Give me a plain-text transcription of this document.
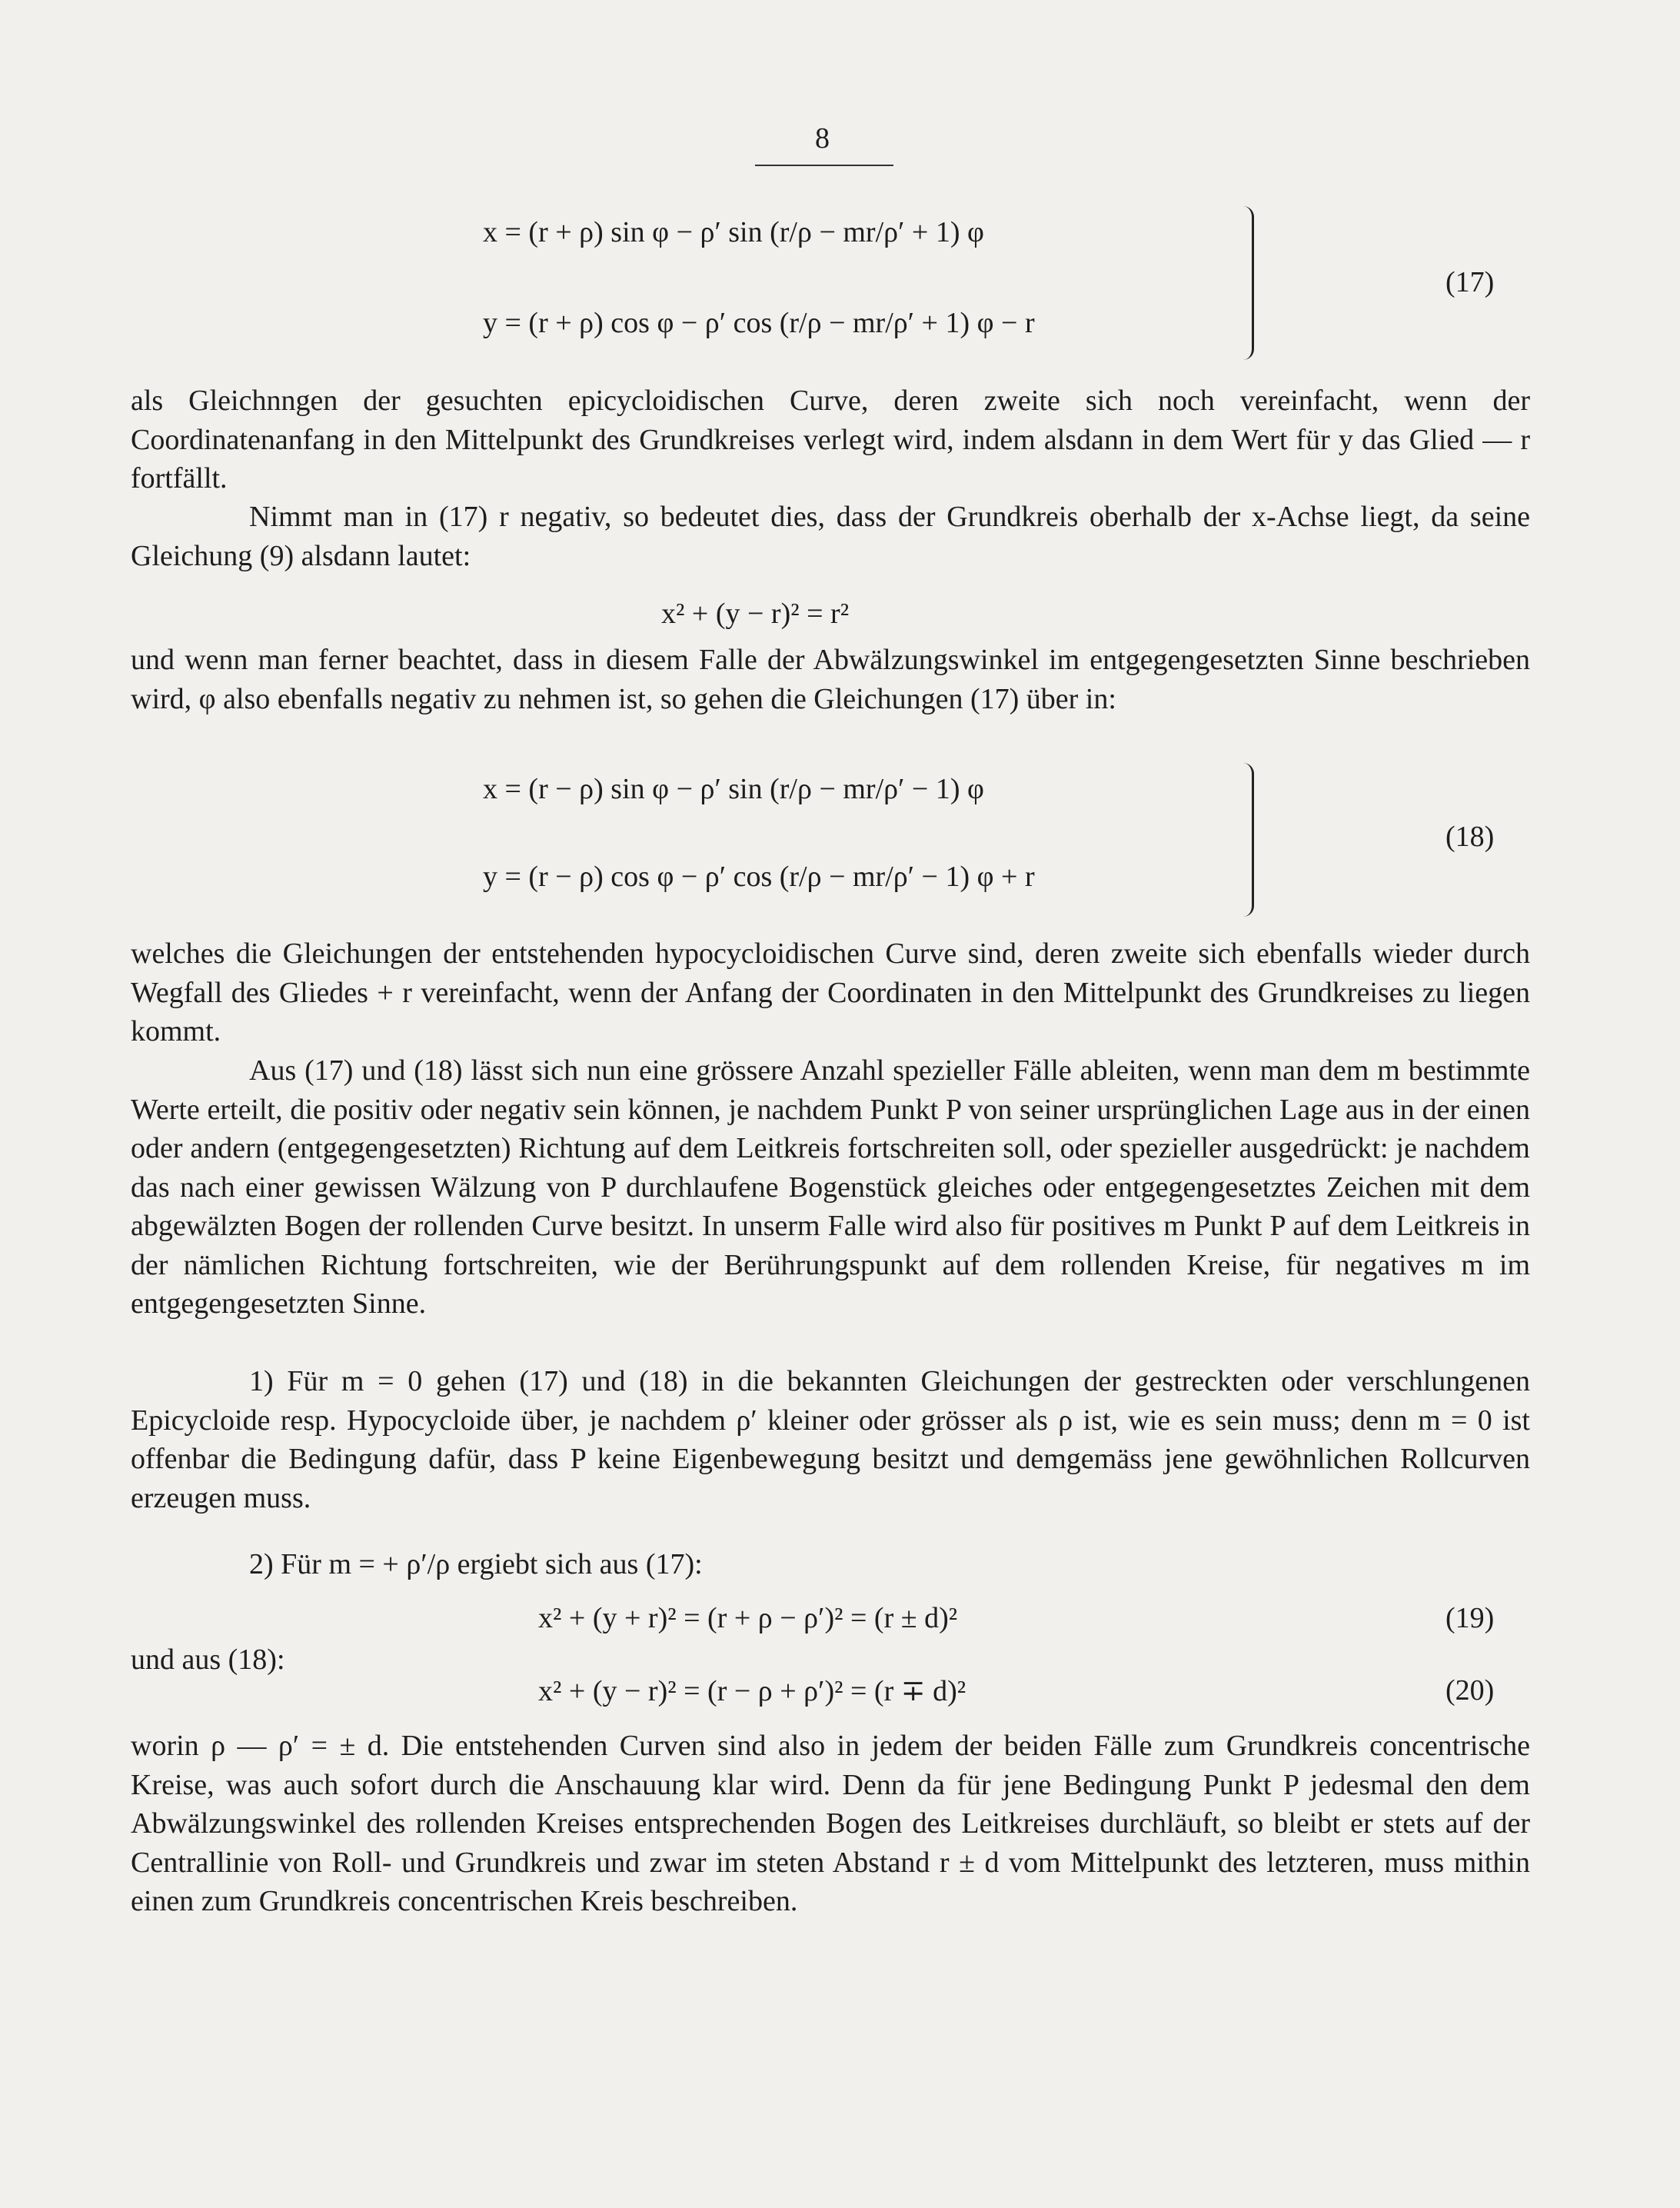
8
x = (r + ρ) sin φ − ρ′ sin (r/ρ − mr/ρ′ + 1) φ
y = (r + ρ) cos φ − ρ′ cos (r/ρ − mr/ρ′ + 1) φ − r
(17)
als Gleichnngen der gesuchten epicycloidischen Curve, deren zweite sich noch vereinfacht, wenn der Coordinatenanfang in den Mittelpunkt des Grundkreises verlegt wird, indem alsdann in dem Wert für y das Glied — r fortfällt.
Nimmt man in (17) r negativ, so bedeutet dies, dass der Grundkreis oberhalb der x-Achse liegt, da seine Gleichung (9) alsdann lautet:
x² + (y − r)² = r²
und wenn man ferner beachtet, dass in diesem Falle der Abwälzungswinkel im entgegengesetzten Sinne beschrieben wird, φ also ebenfalls negativ zu nehmen ist, so gehen die Gleichungen (17) über in:
x = (r − ρ) sin φ − ρ′ sin (r/ρ − mr/ρ′ − 1) φ
y = (r − ρ) cos φ − ρ′ cos (r/ρ − mr/ρ′ − 1) φ + r
(18)
welches die Gleichungen der entstehenden hypocycloidischen Curve sind, deren zweite sich ebenfalls wieder durch Wegfall des Gliedes + r vereinfacht, wenn der Anfang der Coordinaten in den Mittelpunkt des Grundkreises zu liegen kommt.
Aus (17) und (18) lässt sich nun eine grössere Anzahl spezieller Fälle ableiten, wenn man dem m bestimmte Werte erteilt, die positiv oder negativ sein können, je nachdem Punkt P von seiner ursprünglichen Lage aus in der einen oder andern (entgegengesetzten) Richtung auf dem Leitkreis fortschreiten soll, oder spezieller ausgedrückt: je nachdem das nach einer gewissen Wälzung von P durchlaufene Bogenstück gleiches oder entgegengesetztes Zeichen mit dem abgewälzten Bogen der rollenden Curve besitzt. In unserm Falle wird also für positives m Punkt P auf dem Leitkreis in der nämlichen Richtung fortschreiten, wie der Berührungspunkt auf dem rollenden Kreise, für negatives m im entgegengesetzten Sinne.
1) Für m = 0 gehen (17) und (18) in die bekannten Gleichungen der gestreckten oder verschlungenen Epicycloide resp. Hypocycloide über, je nachdem ρ′ kleiner oder grösser als ρ ist, wie es sein muss; denn m = 0 ist offenbar die Bedingung dafür, dass P keine Eigenbewegung besitzt und demgemäss jene gewöhnlichen Rollcurven erzeugen muss.
2) Für m = + ρ′/ρ ergiebt sich aus (17):
x² + (y + r)² = (r + ρ − ρ′)² = (r ± d)²	(19)
und aus (18):
x² + (y − r)² = (r − ρ + ρ′)² = (r ∓ d)²	(20)
worin ρ — ρ′ = ± d. Die entstehenden Curven sind also in jedem der beiden Fälle zum Grundkreis concentrische Kreise, was auch sofort durch die Anschauung klar wird. Denn da für jene Bedingung Punkt P jedesmal den dem Abwälzungswinkel des rollenden Kreises entsprechenden Bogen des Leitkreises durchläuft, so bleibt er stets auf der Centrallinie von Roll- und Grundkreis und zwar im steten Abstand r ± d vom Mittelpunkt des letzteren, muss mithin einen zum Grundkreis concentrischen Kreis beschreiben.
